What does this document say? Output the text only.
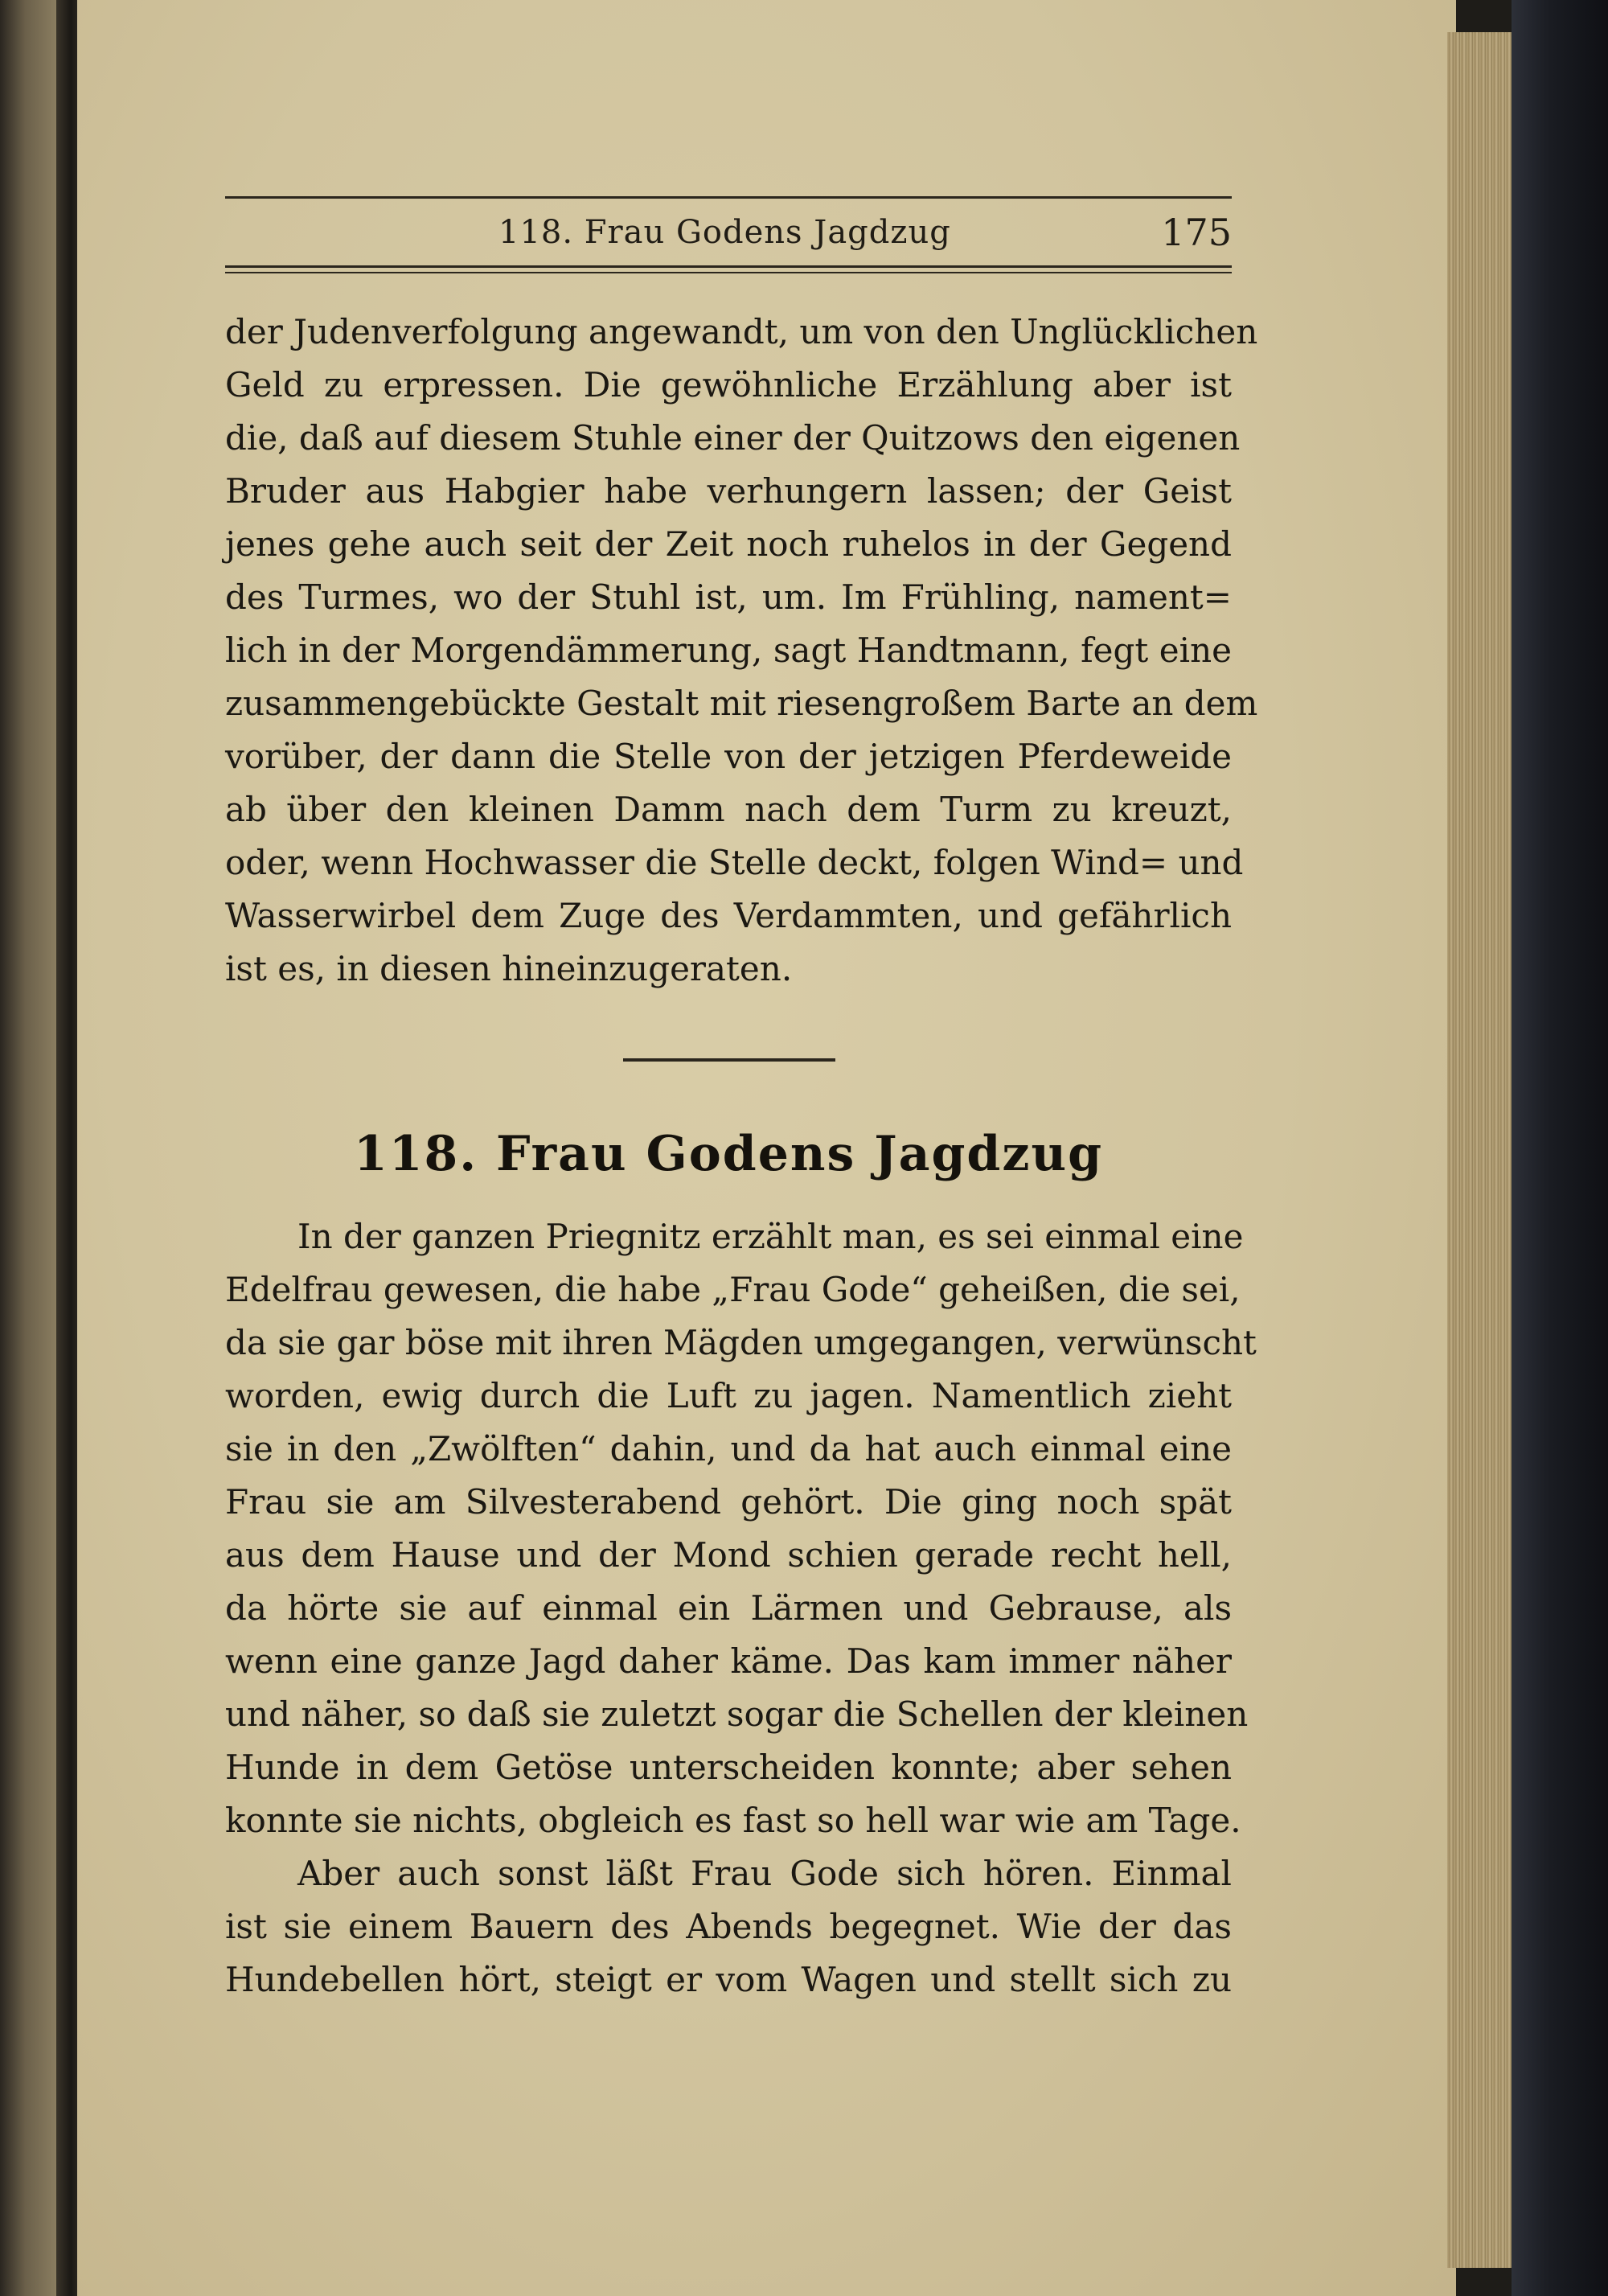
118. Frau Godens Jagdzug	175
der Judenverfolgung angewandt, um von den Unglücklichen
Geld zu erpressen. Die gewöhnliche Erzählung aber ist
die, daß auf diesem Stuhle einer der Quitzows den eigenen
Bruder aus Habgier habe verhungern lassen; der Geist
jenes gehe auch seit der Zeit noch ruhelos in der Gegend
des Turmes, wo der Stuhl ist, um. Im Frühling, nament=
lich in der Morgendämmerung, sagt Handtmann, fegt eine
zusammengebückte Gestalt mit riesengroßem Barte an dem
vorüber, der dann die Stelle von der jetzigen Pferdeweide
ab über den kleinen Damm nach dem Turm zu kreuzt,
oder, wenn Hochwasser die Stelle deckt, folgen Wind= und
Wasserwirbel dem Zuge des Verdammten, und gefährlich
ist es, in diesen hineinzugeraten.
118. Frau Godens Jagdzug
In der ganzen Priegnitz erzählt man, es sei einmal eine
Edelfrau gewesen, die habe „Frau Gode“ geheißen, die sei,
da sie gar böse mit ihren Mägden umgegangen, verwünscht
worden, ewig durch die Luft zu jagen. Namentlich zieht
sie in den „Zwölften“ dahin, und da hat auch einmal eine
Frau sie am Silvesterabend gehört. Die ging noch spät
aus dem Hause und der Mond schien gerade recht hell,
da hörte sie auf einmal ein Lärmen und Gebrause, als
wenn eine ganze Jagd daher käme. Das kam immer näher
und näher, so daß sie zuletzt sogar die Schellen der kleinen
Hunde in dem Getöse unterscheiden konnte; aber sehen
konnte sie nichts, obgleich es fast so hell war wie am Tage.
Aber auch sonst läßt Frau Gode sich hören. Einmal
ist sie einem Bauern des Abends begegnet. Wie der das
Hundebellen hört, steigt er vom Wagen und stellt sich zu
